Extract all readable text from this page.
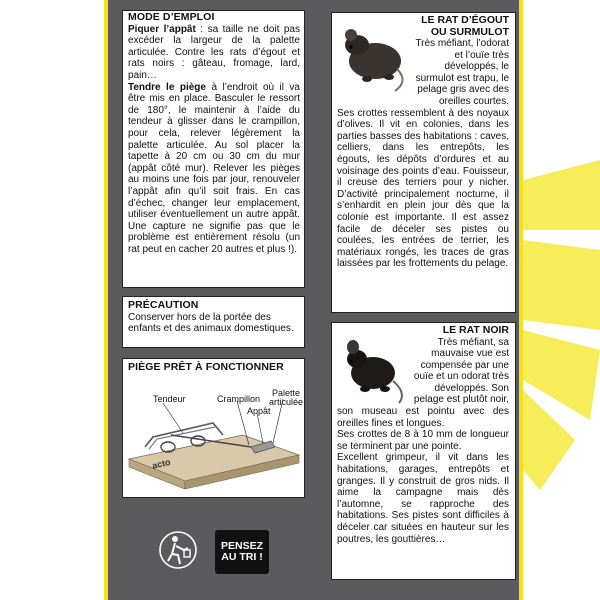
MODE D’EMPLOI
Piquer l’appât : sa taille ne doit pas excéder la largeur de la palette articulée. Contre les rats d’égout et rats noirs : gâteau, fromage, lard, pain…
Tendre le piège à l’endroit où il va être mis en place. Basculer le ressort de 180°, le maintenir à l’aide du tendeur à glisser dans le crampillon, pour cela, relever légèrement la palette articulée. Au sol placer la tapette à 20 cm ou 30 cm du mur (appât côté mur). Relever les pièges au moins une fois par jour, renouveler l’appât afin qu’il soit frais. En cas d’échec, changer leur emplacement, utiliser éventuellement un autre appât. Une capture ne signifie pas que le problème est entièrement résolu (un rat peut en cacher 20 autres et plus !).
PRÉCAUTION
Conserver hors de la portée des enfants et des animaux domestiques.
PIÈGE PRÊT À FONCTIONNER
acto
Tendeur	Crampillon
Appât
Palette
articulée
LE RAT D’ÉGOUT
OU SURMULOT
Très méfiant, l’odorat et l’ouïe très développés, le surmulot est trapu, le pelage gris avec des oreilles courtes.
Ses crottes ressemblent à des noyaux d’olives. Il vit en colonies, dans les parties basses des habitations : caves, celliers, dans les entrepôts, les égouts, les dépôts d’ordures et au voisinage des points d’eau. Fouisseur, il creuse des terriers pour y nicher. D’activité principalement nocturne, il s’enhardit en plein jour dès que la colonie est importante. Il est assez facile de déceler ses pistes ou coulées, les entrées de terrier, les matériaux rongés, les traces de gras laissées par les frottements du pelage.
LE RAT NOIR
Très méfiant, sa mauvaise vue est compensée par une ouïe et un odorat très développés. Son pelage est plutôt noir,
son museau est pointu avec des oreilles fines et longues.
Ses crottes de 8 à 10 mm de longueur se terminent par une pointe.
Excellent grimpeur, il vit dans les habitations, garages, entrepôts et granges. Il y construit de gros nids. Il aime la campagne mais dès l’automne, se rapproche des habitations. Ses pistes sont difficiles à déceler car situées en hauteur sur les poutres, les gouttières…
PENSEZ
AU TRI !
